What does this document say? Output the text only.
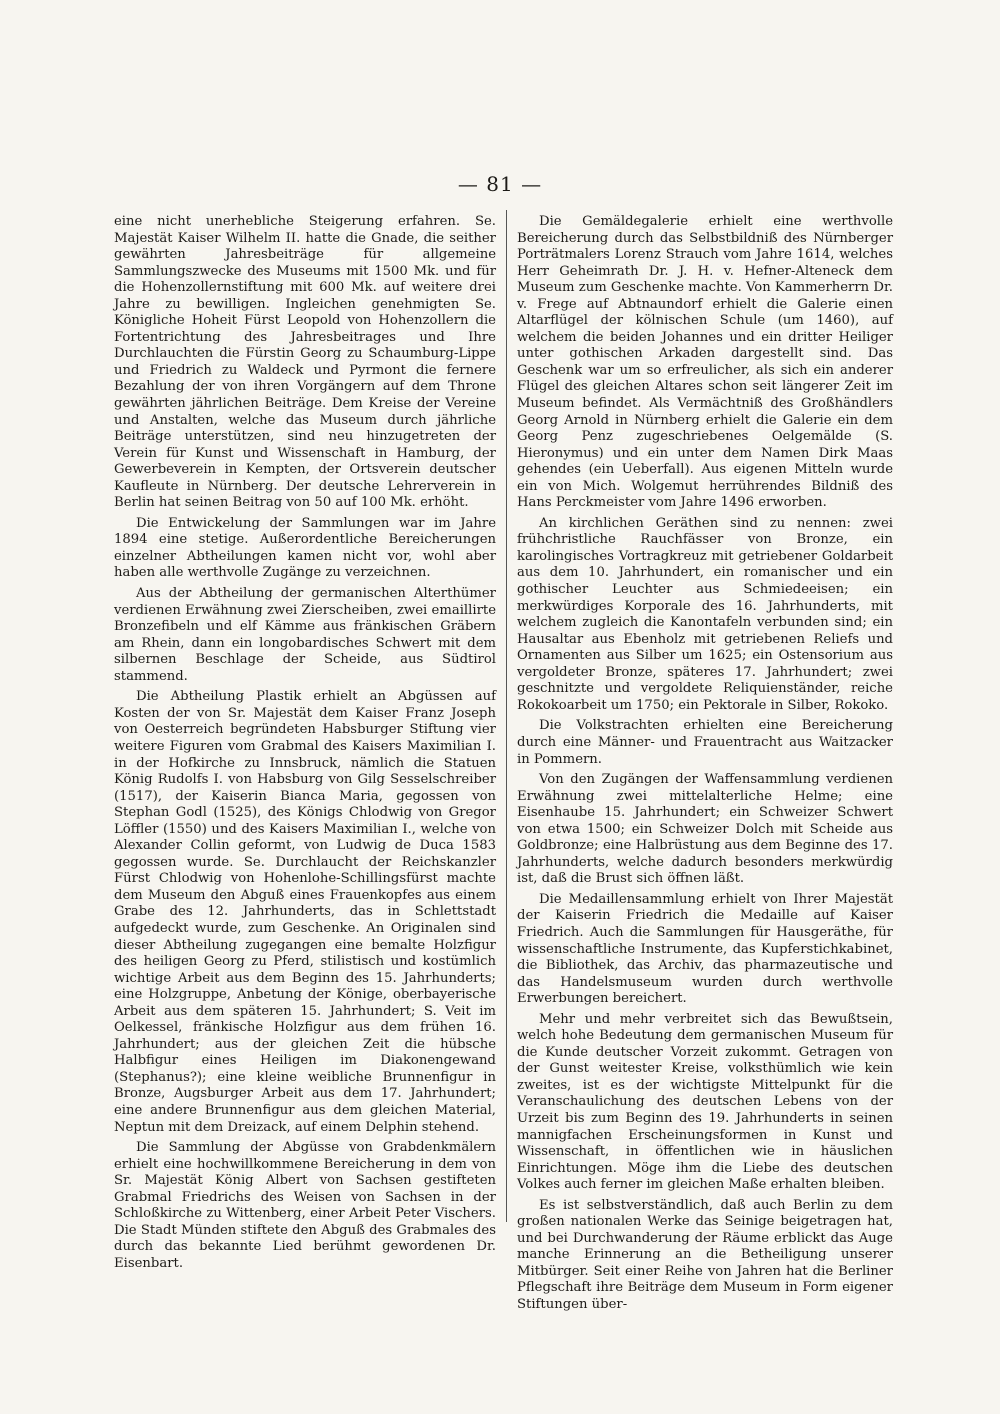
— 81 —

eine nicht unerhebliche Steigerung erfahren. Se. Majestät Kaiser Wilhelm II. hatte die Gnade, die seither gewährten Jahresbeiträge für allgemeine Sammlungszwecke des Museums mit 1500 Mk. und für die Hohenzollernstiftung mit 600 Mk. auf weitere drei Jahre zu bewilligen. Ingleichen genehmigten Se. Königliche Hoheit Fürst Leopold von Hohenzollern die Fortentrichtung des Jahresbeitrages und Ihre Durchlauchten die Fürstin Georg zu Schaumburg-Lippe und Friedrich zu Waldeck und Pyrmont die fernere Bezahlung der von ihren Vorgängern auf dem Throne gewährten jährlichen Beiträge. Dem Kreise der Vereine und Anstalten, welche das Museum durch jährliche Beiträge unterstützen, sind neu hinzugetreten der Verein für Kunst und Wissenschaft in Hamburg, der Gewerbeverein in Kempten, der Ortsverein deutscher Kaufleute in Nürnberg. Der deutsche Lehrerverein in Berlin hat seinen Beitrag von 50 auf 100 Mk. erhöht.

Die Entwickelung der Sammlungen war im Jahre 1894 eine stetige. Außerordentliche Bereicherungen einzelner Abtheilungen kamen nicht vor, wohl aber haben alle werthvolle Zugänge zu verzeichnen.

Aus der Abtheilung der germanischen Alterthümer verdienen Erwähnung zwei Zierscheiben, zwei emaillirte Bronzefibeln und elf Kämme aus fränkischen Gräbern am Rhein, dann ein longobardisches Schwert mit dem silbernen Beschlage der Scheide, aus Südtirol stammend.

Die Abtheilung Plastik erhielt an Abgüssen auf Kosten der von Sr. Majestät dem Kaiser Franz Joseph von Oesterreich begründeten Habsburger Stiftung vier weitere Figuren vom Grabmal des Kaisers Maximilian I. in der Hofkirche zu Innsbruck, nämlich die Statuen König Rudolfs I. von Habsburg von Gilg Sesselschreiber (1517), der Kaiserin Bianca Maria, gegossen von Stephan Godl (1525), des Königs Chlodwig von Gregor Löffler (1550) und des Kaisers Maximilian I., welche von Alexander Collin geformt, von Ludwig de Duca 1583 gegossen wurde. Se. Durchlaucht der Reichskanzler Fürst Chlodwig von Hohenlohe-Schillingsfürst machte dem Museum den Abguß eines Frauenkopfes aus einem Grabe des 12. Jahrhunderts, das in Schlettstadt aufgedeckt wurde, zum Geschenke. An Originalen sind dieser Abtheilung zugegangen eine bemalte Holzfigur des heiligen Georg zu Pferd, stilistisch und kostümlich wichtige Arbeit aus dem Beginn des 15. Jahrhunderts; eine Holzgruppe, Anbetung der Könige, oberbayerische Arbeit aus dem späteren 15. Jahrhundert; S. Veit im Oelkessel, fränkische Holzfigur aus dem frühen 16. Jahrhundert; aus der gleichen Zeit die hübsche Halbfigur eines Heiligen im Diakonengewand (Stephanus?); eine kleine weibliche Brunnenfigur in Bronze, Augsburger Arbeit aus dem 17. Jahrhundert; eine andere Brunnenfigur aus dem gleichen Material, Neptun mit dem Dreizack, auf einem Delphin stehend.

Die Sammlung der Abgüsse von Grabdenkmälern erhielt eine hochwillkommene Bereicherung in dem von Sr. Majestät König Albert von Sachsen gestifteten Grabmal Friedrichs des Weisen von Sachsen in der Schloßkirche zu Wittenberg, einer Arbeit Peter Vischers. Die Stadt Münden stiftete den Abguß des Grabmales des durch das bekannte Lied berühmt gewordenen Dr. Eisenbart.

Die Gemäldegalerie erhielt eine werthvolle Bereicherung durch das Selbstbildniß des Nürnberger Porträtmalers Lorenz Strauch vom Jahre 1614, welches Herr Geheimrath Dr. J. H. v. Hefner-Alteneck dem Museum zum Geschenke machte. Von Kammerherrn Dr. v. Frege auf Abtnaundorf erhielt die Galerie einen Altarflügel der kölnischen Schule (um 1460), auf welchem die beiden Johannes und ein dritter Heiliger unter gothischen Arkaden dargestellt sind. Das Geschenk war um so erfreulicher, als sich ein anderer Flügel des gleichen Altares schon seit längerer Zeit im Museum befindet. Als Vermächtniß des Großhändlers Georg Arnold in Nürnberg erhielt die Galerie ein dem Georg Penz zugeschriebenes Oelgemälde (S. Hieronymus) und ein unter dem Namen Dirk Maas gehendes (ein Ueberfall). Aus eigenen Mitteln wurde ein von Mich. Wolgemut herrührendes Bildniß des Hans Perckmeister vom Jahre 1496 erworben.

An kirchlichen Geräthen sind zu nennen: zwei frühchristliche Rauchfässer von Bronze, ein karolingisches Vortragkreuz mit getriebener Goldarbeit aus dem 10. Jahrhundert, ein romanischer und ein gothischer Leuchter aus Schmiedeeisen; ein merkwürdiges Korporale des 16. Jahrhunderts, mit welchem zugleich die Kanontafeln verbunden sind; ein Hausaltar aus Ebenholz mit getriebenen Reliefs und Ornamenten aus Silber um 1625; ein Ostensorium aus vergoldeter Bronze, späteres 17. Jahrhundert; zwei geschnitzte und vergoldete Reliquienständer, reiche Rokokoarbeit um 1750; ein Pektorale in Silber, Rokoko.

Die Volkstrachten erhielten eine Bereicherung durch eine Männer- und Frauentracht aus Waitzacker in Pommern.

Von den Zugängen der Waffensammlung verdienen Erwähnung zwei mittelalterliche Helme; eine Eisenhaube 15. Jahrhundert; ein Schweizer Schwert von etwa 1500; ein Schweizer Dolch mit Scheide aus Goldbronze; eine Halbrüstung aus dem Beginne des 17. Jahrhunderts, welche dadurch besonders merkwürdig ist, daß die Brust sich öffnen läßt.

Die Medaillensammlung erhielt von Ihrer Majestät der Kaiserin Friedrich die Medaille auf Kaiser Friedrich. Auch die Sammlungen für Hausgeräthe, für wissenschaftliche Instrumente, das Kupferstichkabinet, die Bibliothek, das Archiv, das pharmazeutische und das Handelsmuseum wurden durch werthvolle Erwerbungen bereichert.

Mehr und mehr verbreitet sich das Bewußtsein, welch hohe Bedeutung dem germanischen Museum für die Kunde deutscher Vorzeit zukommt. Getragen von der Gunst weitester Kreise, volksthümlich wie kein zweites, ist es der wichtigste Mittelpunkt für die Veranschaulichung des deutschen Lebens von der Urzeit bis zum Beginn des 19. Jahrhunderts in seinen mannigfachen Erscheinungsformen in Kunst und Wissenschaft, in öffentlichen wie in häuslichen Einrichtungen. Möge ihm die Liebe des deutschen Volkes auch ferner im gleichen Maße erhalten bleiben.

Es ist selbstverständlich, daß auch Berlin zu dem großen nationalen Werke das Seinige beigetragen hat, und bei Durchwanderung der Räume erblickt das Auge manche Erinnerung an die Betheiligung unserer Mitbürger. Seit einer Reihe von Jahren hat die Berliner Pflegschaft ihre Beiträge dem Museum in Form eigener Stiftungen über-
